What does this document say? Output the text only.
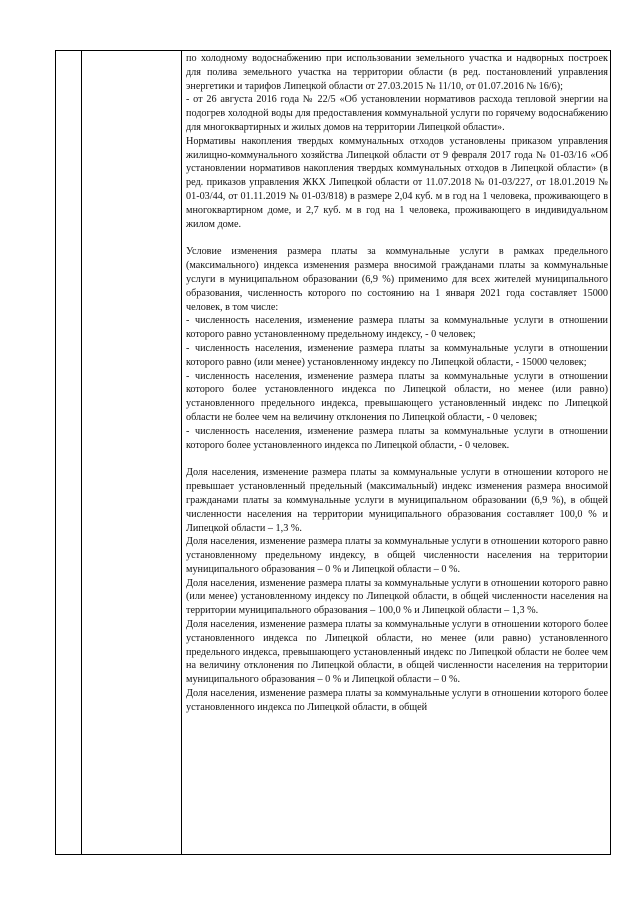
по холодному водоснабжению при использовании земельного участка и надворных построек для полива земельного участка на территории области (в ред. постановлений управления энергетики и тарифов Липецкой области от 27.03.2015 № 11/10, от 01.07.2016 № 16/6);

- от 26 августа 2016 года № 22/5 «Об установлении нормативов расхода тепловой энергии на подогрев холодной воды для предоставления коммунальной услуги по горячему водоснабжению для многоквартирных и жилых домов на территории Липецкой области».

Нормативы накопления твердых коммунальных отходов установлены приказом управления жилищно-коммунального хозяйства Липецкой области от 9 февраля 2017 года № 01-03/16 «Об установлении нормативов накопления твердых коммунальных отходов в Липецкой области» (в ред. приказов управления ЖКХ Липецкой области от 11.07.2018 № 01-03/227, от 18.01.2019 № 01-03/44, от 01.11.2019 № 01-03/818) в размере 2,04 куб. м в год на 1 человека, проживающего в многоквартирном доме, и 2,7 куб. м в год на 1 человека, проживающего в индивидуальном жилом доме.

Условие изменения размера платы за коммунальные услуги в рамках предельного (максимального) индекса изменения размера вносимой гражданами платы за коммунальные услуги в муниципальном образовании (6,9 %) применимо для всех жителей муниципального образования, численность которого по состоянию на 1 января 2021 года составляет 15000 человек, в том числе:

- численность населения, изменение размера платы за коммунальные услуги в отношении которого равно установленному предельному индексу, - 0 человек;

- численность населения, изменение размера платы за коммунальные услуги в отношении которого равно (или менее) установленному индексу по Липецкой области, - 15000 человек;

- численность населения, изменение размера платы за коммунальные услуги в отношении которого более установленного индекса по Липецкой области, но менее (или равно) установленного предельного индекса, превышающего установленный индекс по Липецкой области не более чем на величину отклонения по Липецкой области, - 0 человек;

- численность населения, изменение размера платы за коммунальные услуги в отношении которого более установленного индекса по Липецкой области, - 0 человек.

Доля населения, изменение размера платы за коммунальные услуги в отношении которого не превышает установленный предельный (максимальный) индекс изменения размера вносимой гражданами платы за коммунальные услуги в муниципальном образовании (6,9 %), в общей численности населения на территории муниципального образования составляет 100,0 % и Липецкой области – 1,3 %.

Доля населения, изменение размера платы за коммунальные услуги в отношении которого равно установленному предельному индексу, в общей численности населения на территории муниципального образования – 0 % и Липецкой области – 0 %.

Доля населения, изменение размера платы за коммунальные услуги в отношении которого равно (или менее) установленному индексу по Липецкой области, в общей численности населения на территории муниципального образования – 100,0 % и Липецкой области – 1,3 %.

Доля населения, изменение размера платы за коммунальные услуги в отношении которого более установленного индекса по Липецкой области, но менее (или равно) установленного предельного индекса, превышающего установленный индекс по Липецкой области не более чем на величину отклонения по Липецкой области, в общей численности населения на территории муниципального образования – 0 % и Липецкой области – 0 %.

Доля населения, изменение размера платы за коммунальные услуги в отношении которого более установленного индекса по Липецкой области, в общей
